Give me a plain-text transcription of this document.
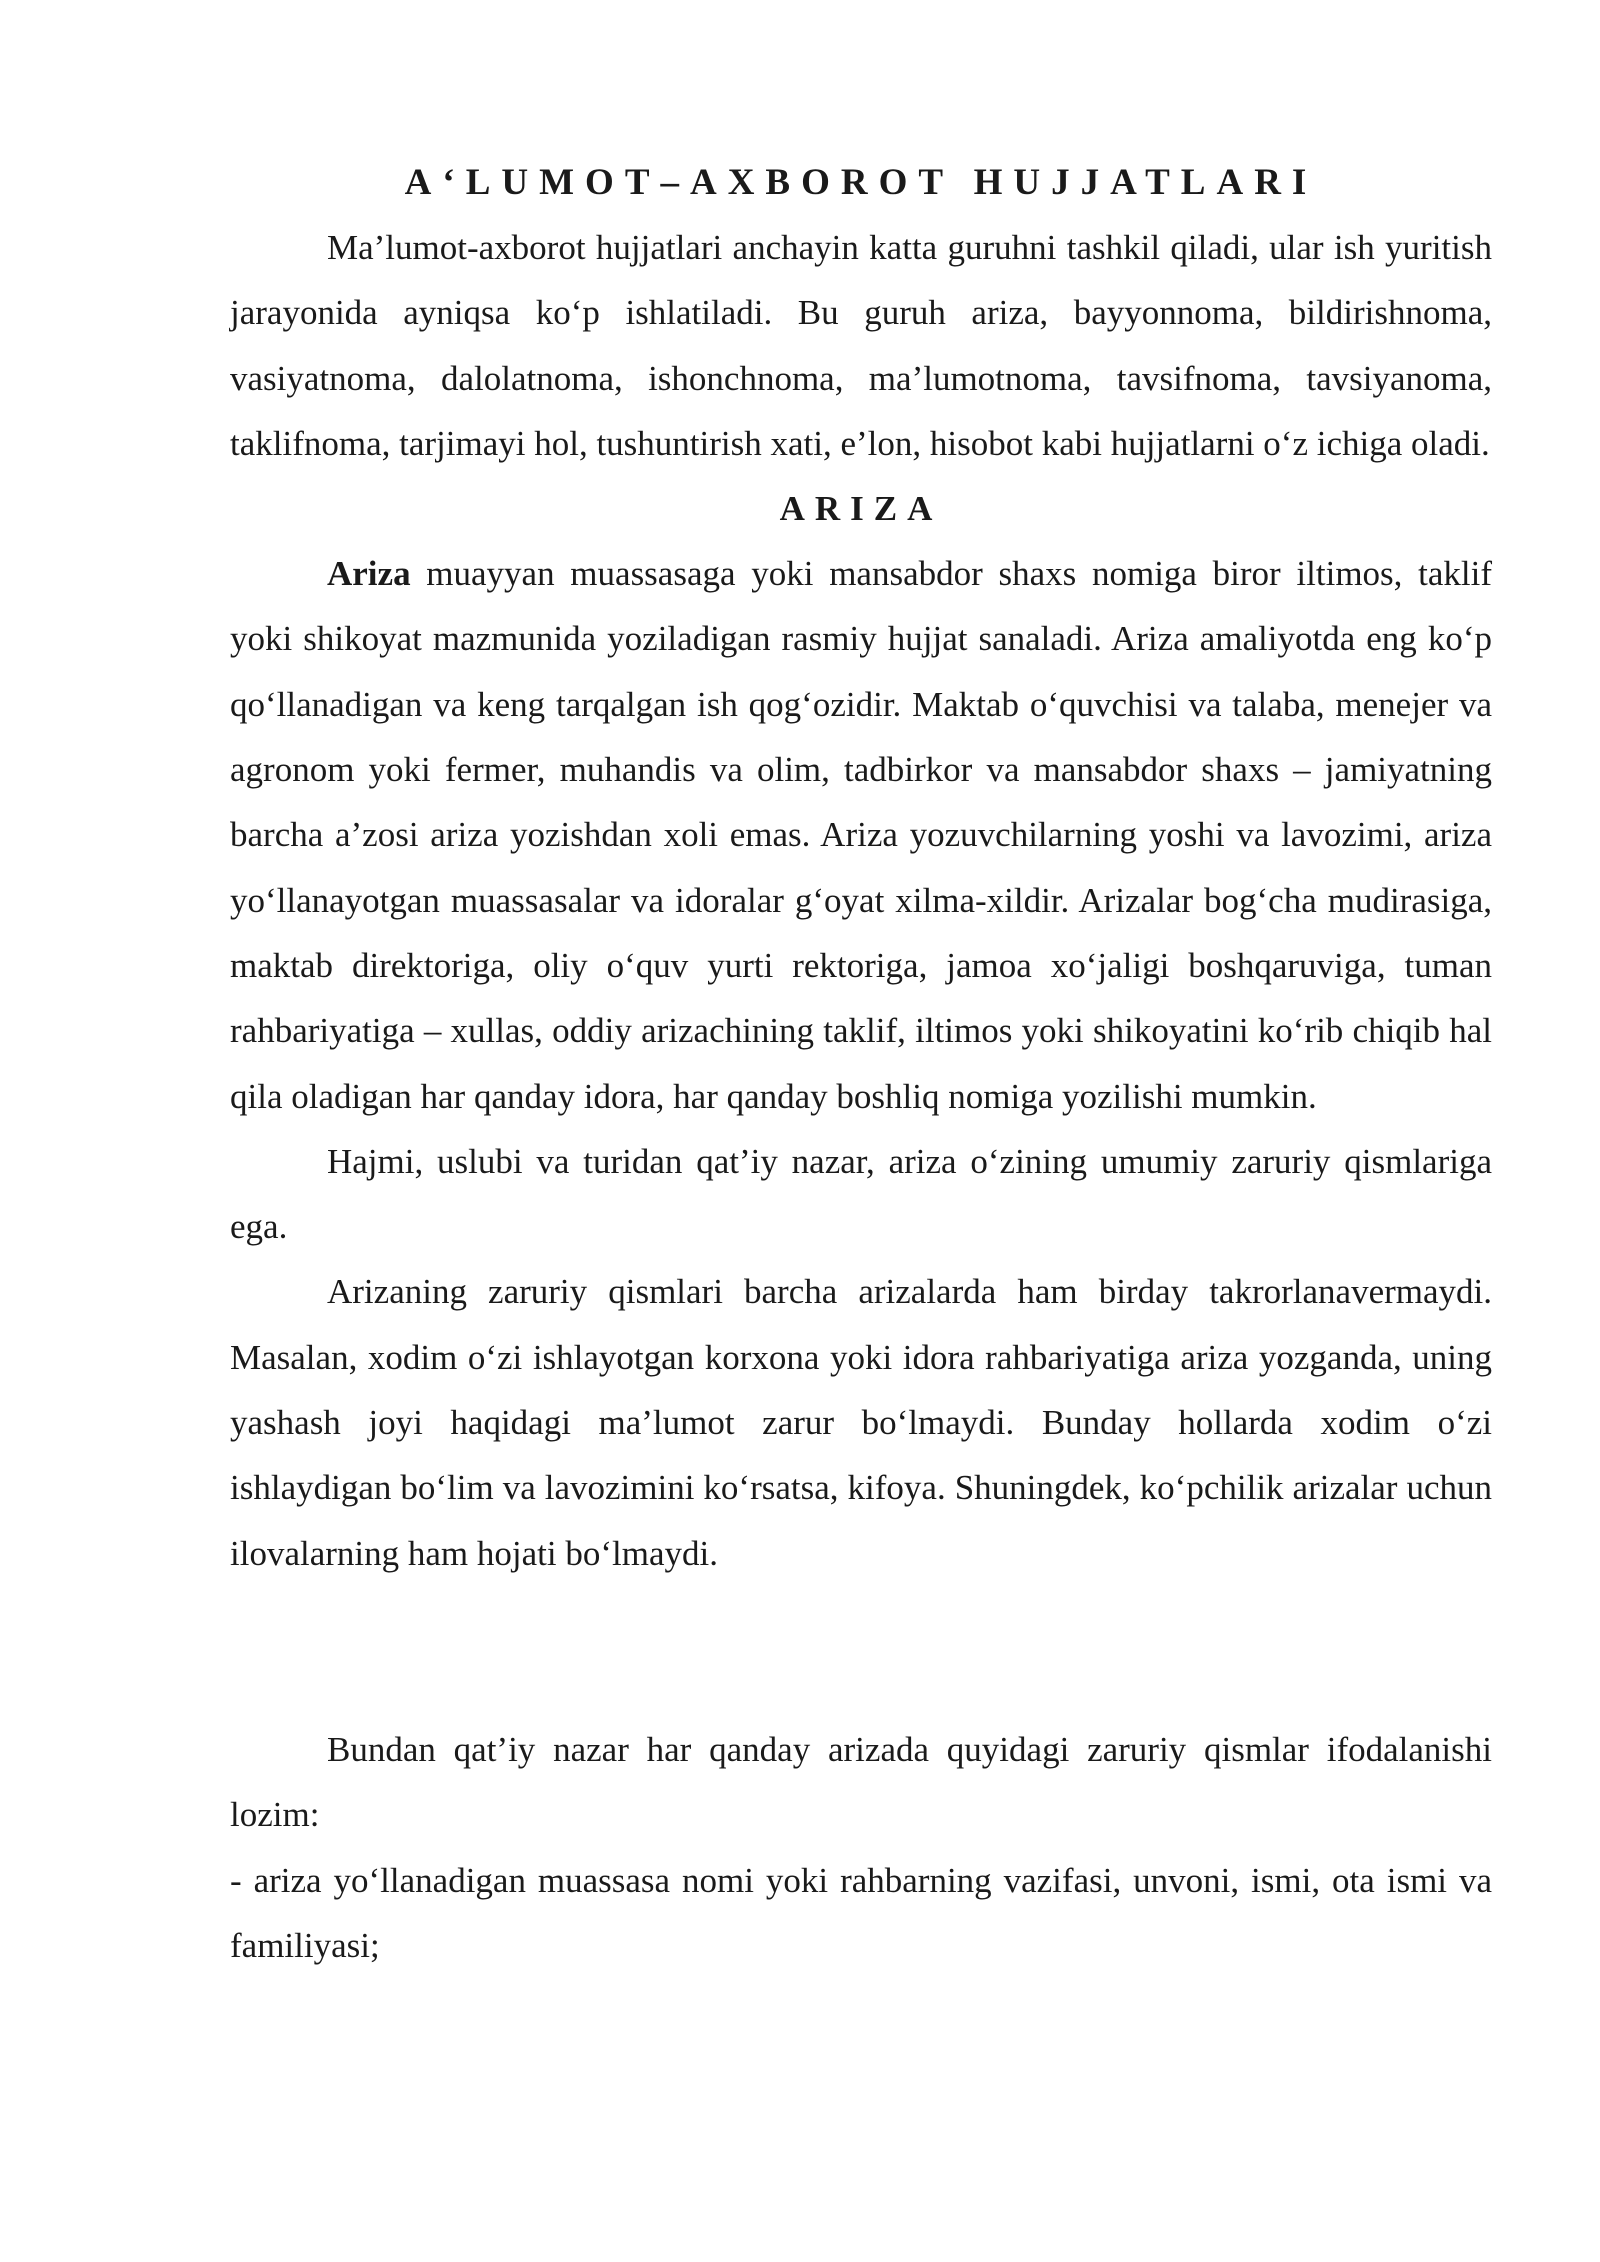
A‘LUMOT–AXBOROT HUJJATLARI

Ma’lumot-axborot hujjatlari anchayin katta guruhni tashkil qiladi, ular ish yuritish jarayonida ayniqsa ko‘p ishlatiladi. Bu guruh ariza, bayyonnoma, bildirishnoma, vasiyatnoma, dalolatnoma, ishonchnoma, ma’lumotnoma, tavsifnoma, tavsiyanoma, taklifnoma, tarjimayi hol, tushuntirish xati, e’lon, hisobot kabi hujjatlarni o‘z ichiga oladi.

ARIZA

Ariza muayyan muassasaga yoki mansabdor shaxs nomiga biror iltimos, taklif yoki shikoyat mazmunida yoziladigan rasmiy hujjat sanaladi. Ariza amaliyotda eng ko‘p qo‘llanadigan va keng tarqalgan ish qog‘ozidir. Maktab o‘quvchisi va talaba, menejer va agronom yoki fermer, muhandis va olim, tadbirkor va mansabdor shaxs – jamiyatning barcha a’zosi ariza yozishdan xoli emas. Ariza yozuvchilarning yoshi va lavozimi, ariza yo‘llanayotgan muassasalar va idoralar g‘oyat xilma-xildir. Arizalar bog‘cha mudirasiga, maktab direktoriga, oliy o‘quv yurti rektoriga, jamoa xo‘jaligi boshqaruviga, tuman rahbariyatiga – xullas, oddiy arizachining taklif, iltimos yoki shikoyatini ko‘rib chiqib hal qila oladigan har qanday idora, har qanday boshliq nomiga yozilishi mumkin.

Hajmi, uslubi va turidan qat’iy nazar, ariza o‘zining umumiy zaruriy qismlariga ega.

Arizaning zaruriy qismlari barcha arizalarda ham birday takrorlanavermaydi. Masalan, xodim o‘zi ishlayotgan korxona yoki idora rahbariyatiga ariza yozganda, uning yashash joyi haqidagi ma’lumot zarur bo‘lmaydi. Bunday hollarda xodim o‘zi ishlaydigan bo‘lim va lavozimini ko‘rsatsa, kifoya. Shuningdek, ko‘pchilik arizalar uchun ilovalarning ham hojati bo‘lmaydi.

Bundan qat’iy nazar har qanday arizada quyidagi zaruriy qismlar ifodalanishi lozim:

- ariza yo‘llanadigan muassasa nomi yoki rahbarning vazifasi, unvoni, ismi, ota ismi va familiyasi;
